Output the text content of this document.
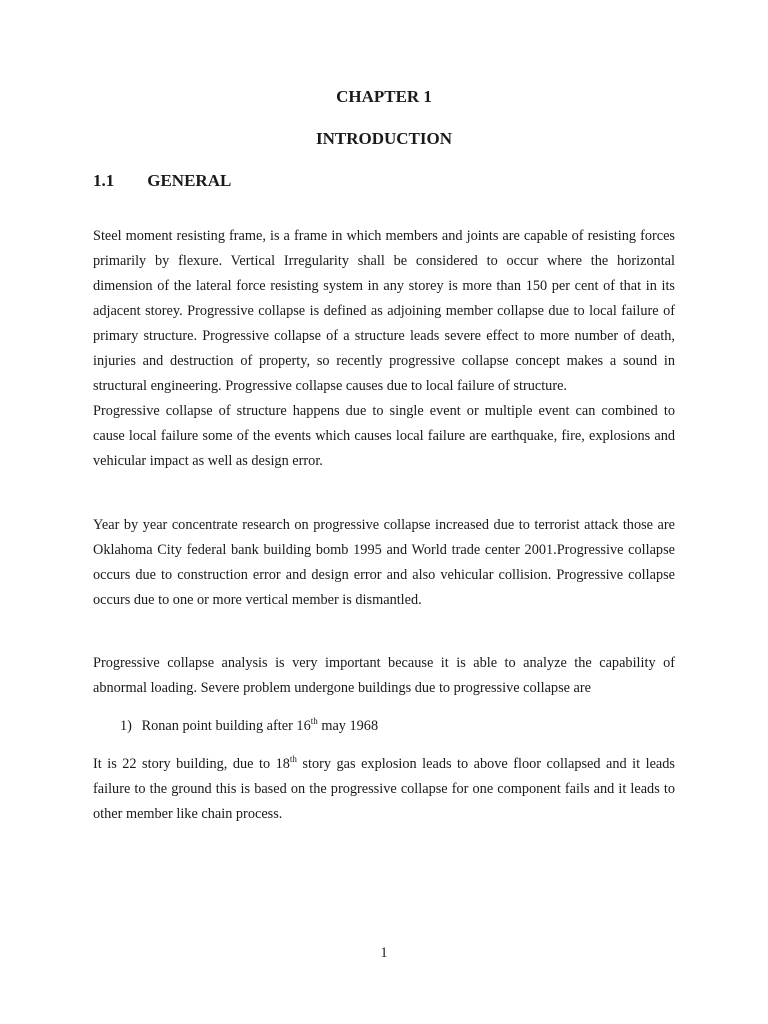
CHAPTER 1
INTRODUCTION
1.1 GENERAL

Steel moment resisting frame, is a frame in which members and joints are capable of resisting forces primarily by flexure. Vertical Irregularity shall be considered to occur where the horizontal dimension of the lateral force resisting system in any storey is more than 150 per cent of that in its adjacent storey. Progressive collapse is defined as adjoining member collapse due to local failure of primary structure. Progressive collapse of a structure leads severe effect to more number of death, injuries and destruction of property, so recently progressive collapse concept makes a sound in structural engineering. Progressive collapse causes due to local failure of structure.

Progressive collapse of structure happens due to single event or multiple event can combined to cause local failure some of the events which causes local failure are earthquake, fire, explosions and vehicular impact as well as design error.

Year by year concentrate research on progressive collapse increased due to terrorist attack those are Oklahoma City federal bank building bomb 1995 and World trade center 2001.Progressive collapse occurs due to construction error and design error and also vehicular collision. Progressive collapse occurs due to one or more vertical member is dismantled.

Progressive collapse analysis is very important because it is able to analyze the capability of abnormal loading. Severe problem undergone buildings due to progressive collapse are

1) Ronan point building after 16th may 1968

It is 22 story building, due to 18th story gas explosion leads to above floor collapsed and it leads failure to the ground this is based on the progressive collapse for one component fails and it leads to other member like chain process.

1
